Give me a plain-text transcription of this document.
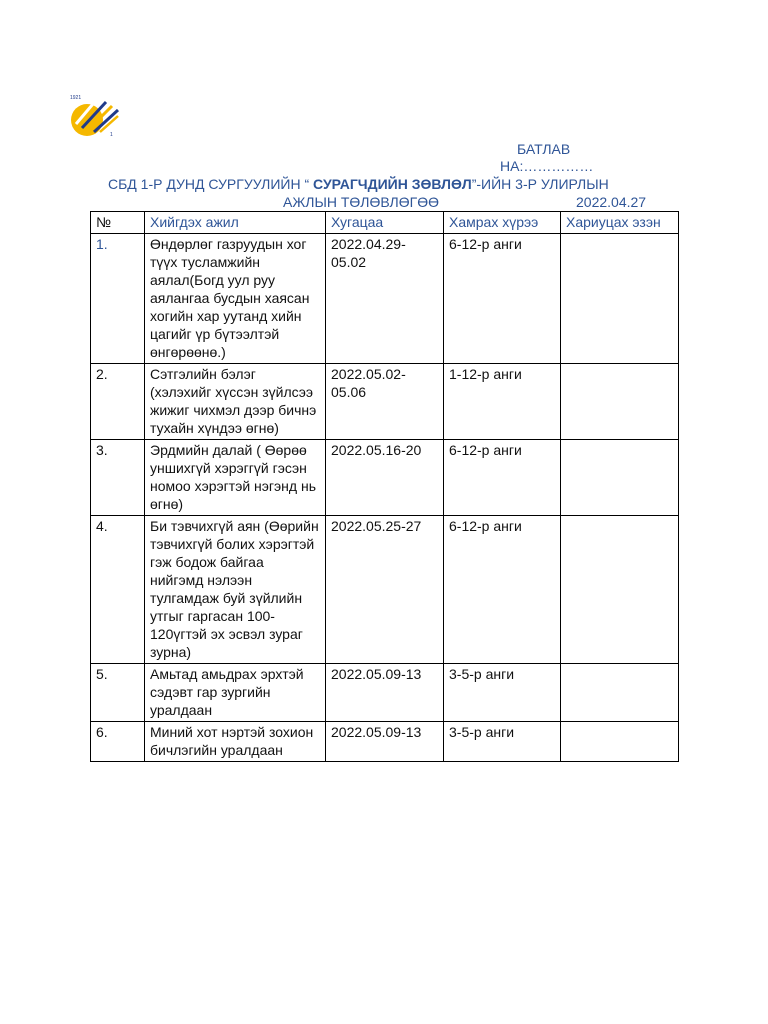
1921
1
БАТЛАВ
НА:……………
СБД 1-Р ДУНД СУРГУУЛИЙН “ СУРАГЧДИЙН ЗӨВЛӨЛ”-ИЙН 3-Р УЛИРЛЫН
АЖЛЫН ТӨЛӨВЛӨГӨӨ	2022.04.27
№	Хийгдэх ажил	Хугацаа	Хамрах хүрээ	Хариуцах эзэн
1.	Өндөрлөг газруудын хог түүх тусламжийн аялал(Богд уул руу аялангаа бусдын хаясан хогийн хар уутанд хийн цагийг үр бүтээлтэй өнгөрөөнө.)	2022.04.29-05.02	6-12-р анги	
2.	Сэтгэлийн бэлэг (хэлэхийг хүссэн зүйлсээ жижиг чихмэл дээр бичнэ тухайн хүндээ өгнө)	2022.05.02-05.06	1-12-р анги	
3.	Эрдмийн далай ( Өөрөө уншихгүй хэрэггүй гэсэн номоо хэрэгтэй нэгэнд нь өгнө)	2022.05.16-20	6-12-р анги	
4.	Би тэвчихгүй аян (Өөрийн тэвчихгүй болих хэрэгтэй гэж бодож байгаа нийгэмд нэлээн тулгамдаж буй зүйлийн утгыг гаргасан 100-120үгтэй эх эсвэл зураг зурна)	2022.05.25-27	6-12-р анги	
5.	Амьтад амьдрах эрхтэй сэдэвт гар зургийн уралдаан	2022.05.09-13	3-5-р анги	
6.	Миний хот нэртэй зохион бичлэгийн уралдаан	2022.05.09-13	3-5-р анги	
